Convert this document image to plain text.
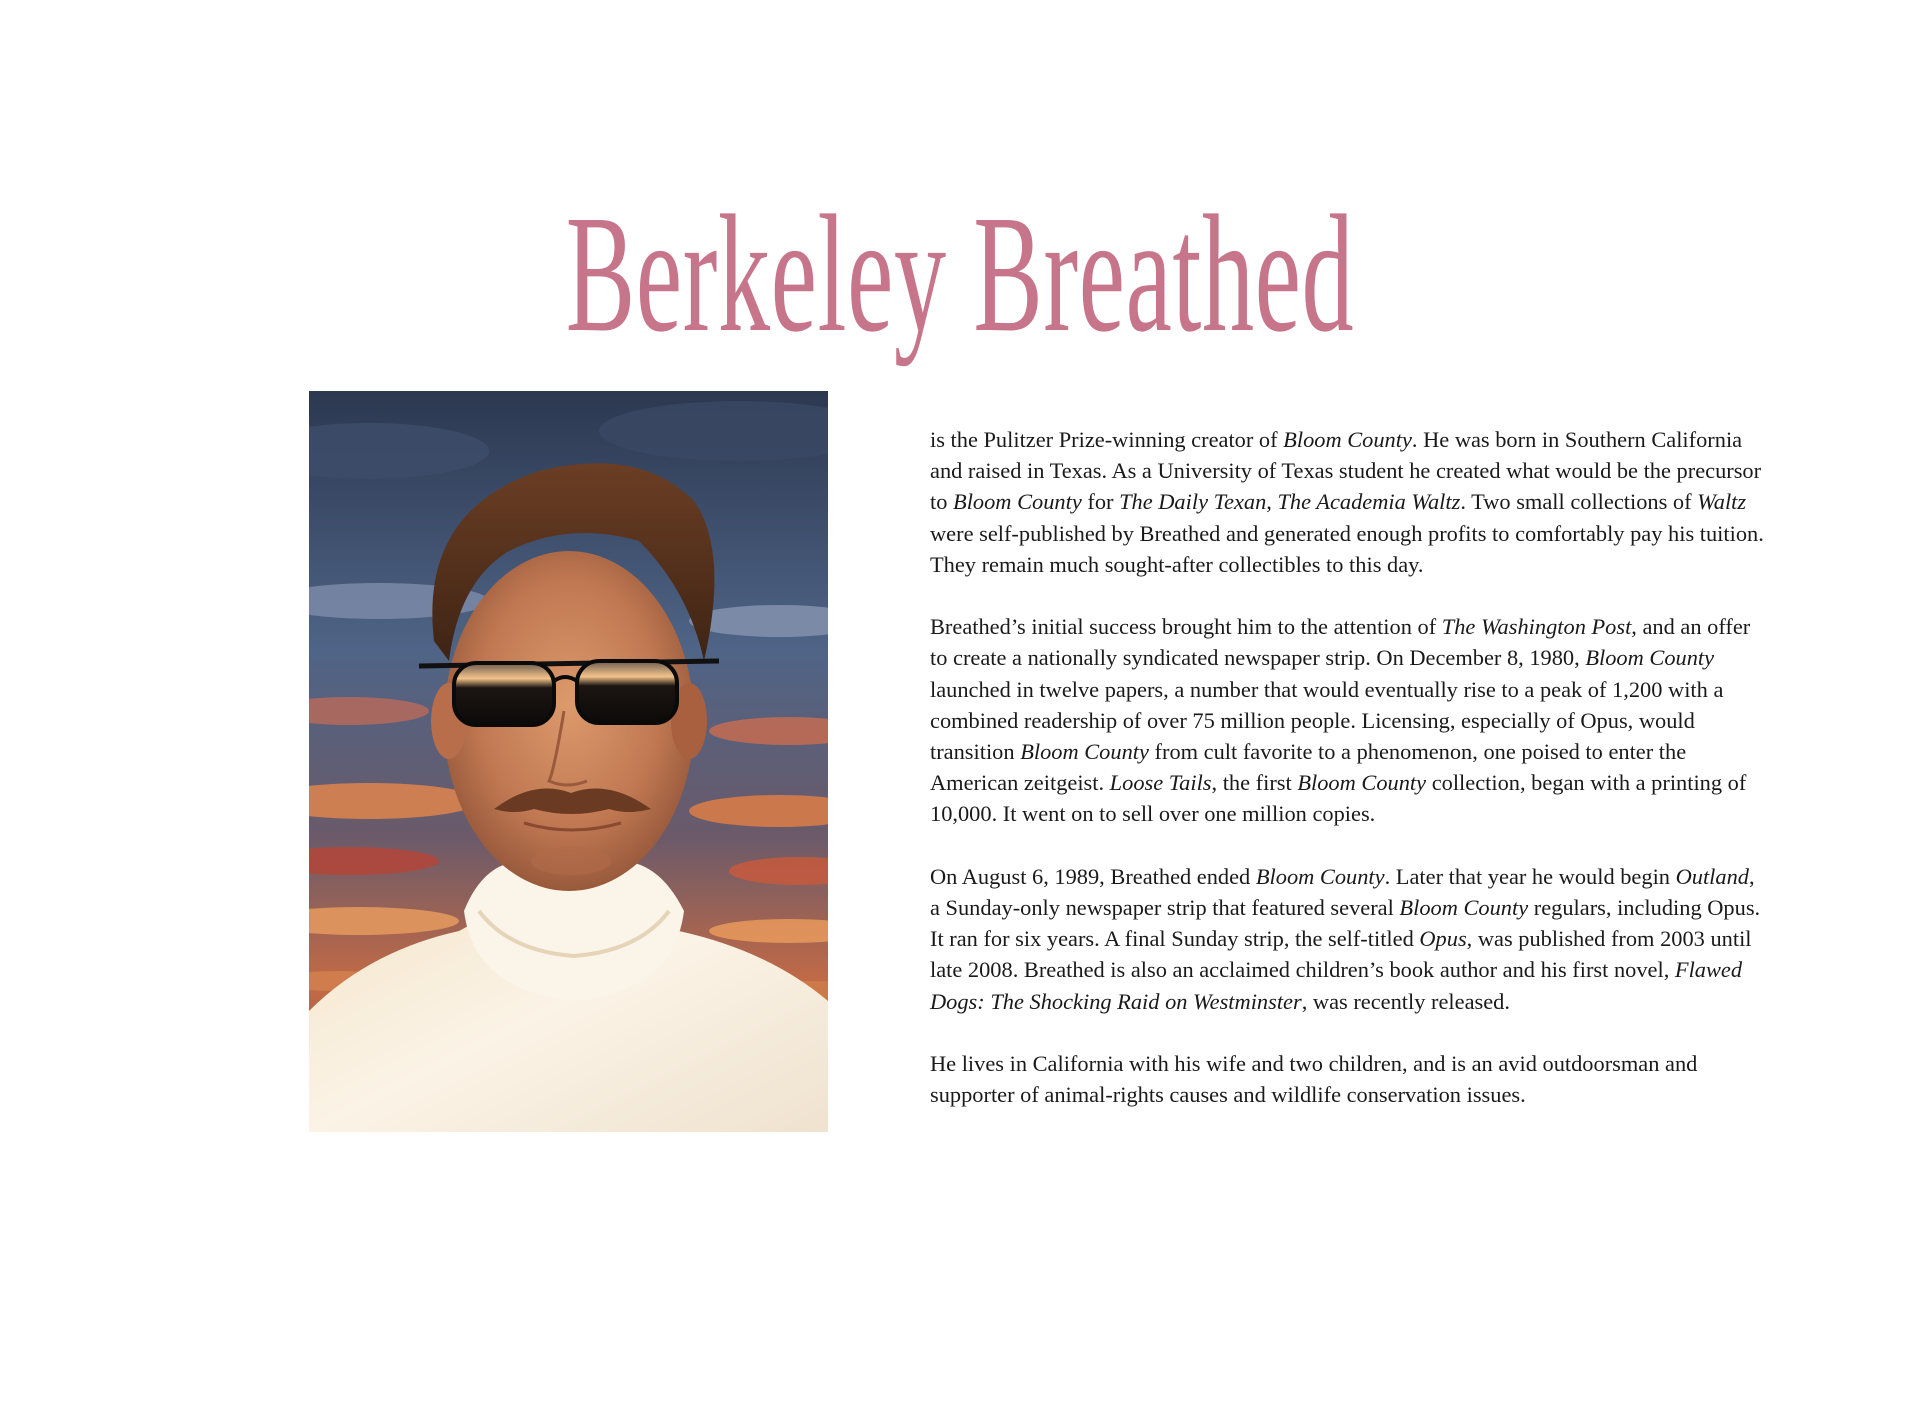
Berkeley Breathed

is the Pulitzer Prize-winning creator of Bloom County. He was born in Southern California and raised in Texas. As a University of Texas student he created what would be the precursor to Bloom County for The Daily Texan, The Academia Waltz. Two small collections of Waltz were self-published by Breathed and generated enough profits to comfortably pay his tuition. They remain much sought-after collectibles to this day.

Breathed’s initial success brought him to the attention of The Washington Post, and an offer to create a nationally syndicated newspaper strip. On December 8, 1980, Bloom County launched in twelve papers, a number that would eventually rise to a peak of 1,200 with a combined readership of over 75 million people. Licensing, especially of Opus, would transition Bloom County from cult favorite to a phenomenon, one poised to enter the American zeitgeist. Loose Tails, the first Bloom County collection, began with a printing of 10,000. It went on to sell over one million copies.

On August 6, 1989, Breathed ended Bloom County. Later that year he would begin Outland, a Sunday-only newspaper strip that featured several Bloom County regulars, including Opus. It ran for six years. A final Sunday strip, the self-titled Opus, was published from 2003 until late 2008. Breathed is also an acclaimed children’s book author and his first novel, Flawed Dogs: The Shocking Raid on Westminster, was recently released.

He lives in California with his wife and two children, and is an avid outdoorsman and supporter of animal-rights causes and wildlife conservation issues.
